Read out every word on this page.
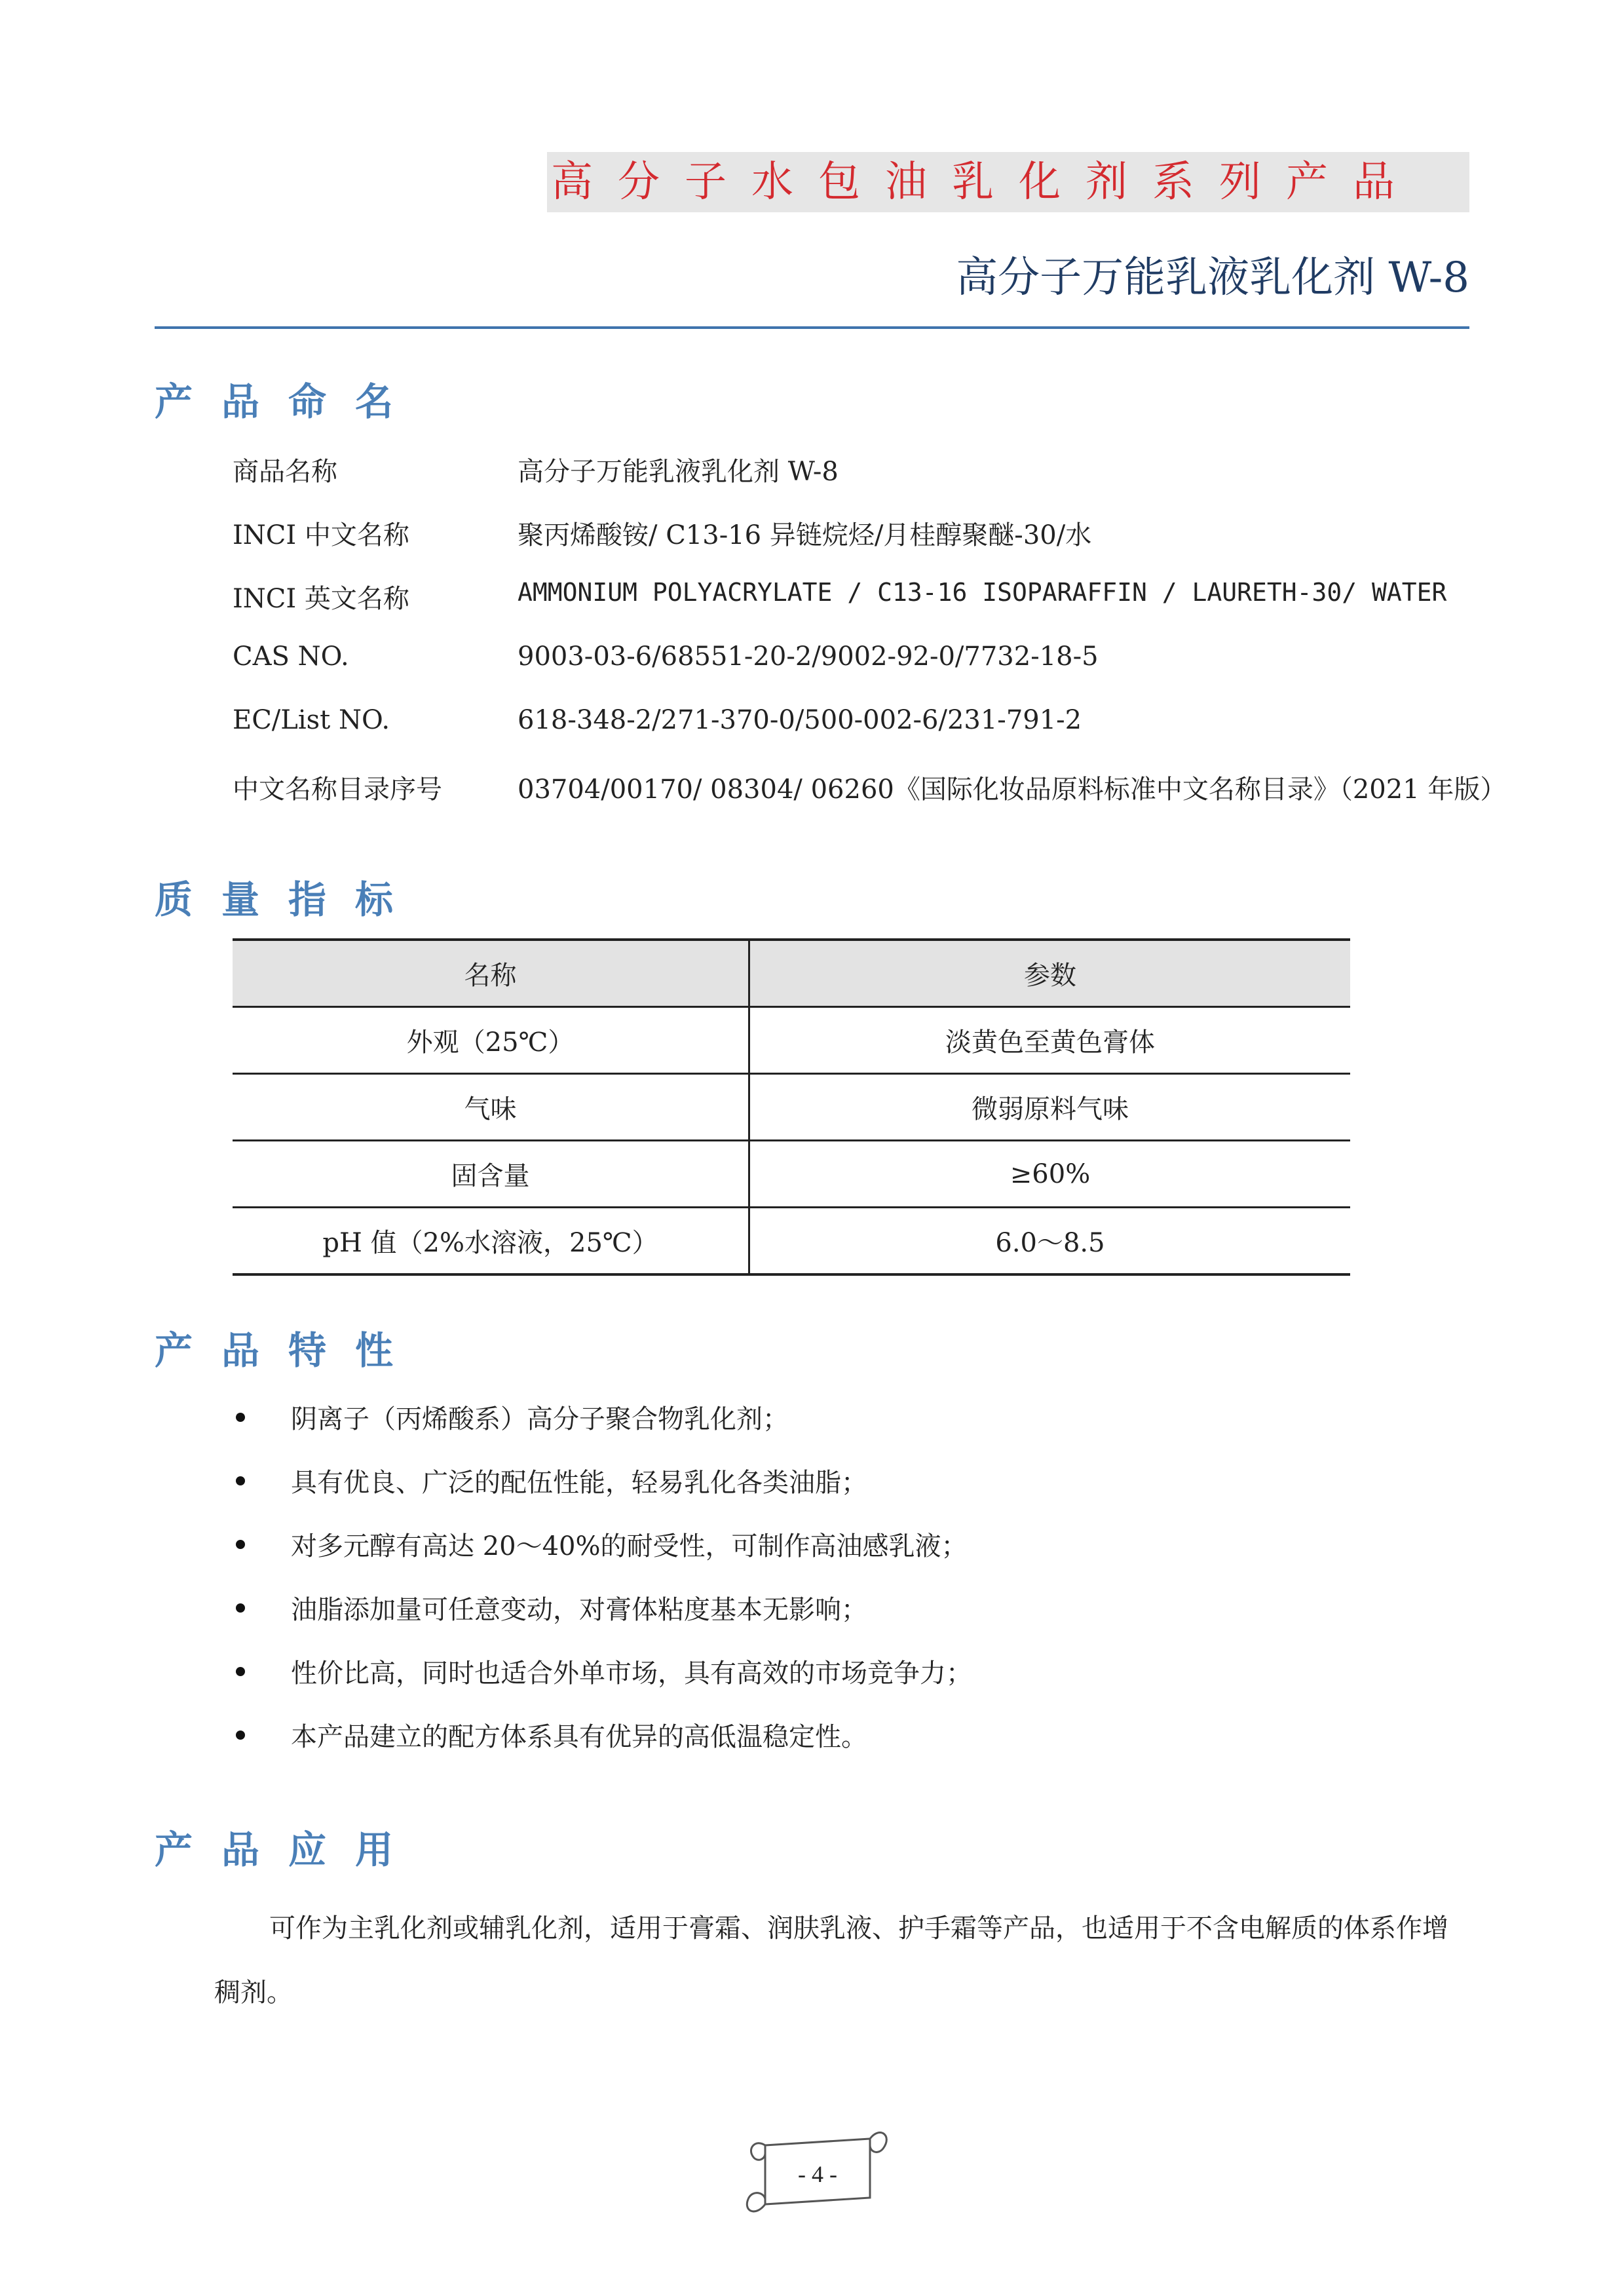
高分子水包油乳化剂系列产品
高分子万能乳液乳化剂 W-8
产品命名
商品名称	高分子万能乳液乳化剂 W-8
INCI 中文名称	聚丙烯酸铵/ C13-16 异链烷烃/月桂醇聚醚-30/水
INCI 英文名称	AMMONIUM POLYACRYLATE / C13-16 ISOPARAFFIN / LAURETH-30/ WATER
CAS NO.	9003-03-6/68551-20-2/9002-92-0/7732-18-5
EC/List NO.	618-348-2/271-370-0/500-002-6/231-791-2
中文名称目录序号	03704/00170/ 08304/ 06260《国际化妆品原料标准中文名称目录》（2021 年版）
质量指标
名称	参数
外观（25℃）	淡黄色至黄色膏体
气味	微弱原料气味
固含量	≥60%
pH 值（2%水溶液，25℃）	6.0～8.5
产品特性
阴离子（丙烯酸系）高分子聚合物乳化剂；
具有优良、广泛的配伍性能，轻易乳化各类油脂；
对多元醇有高达 20～40%的耐受性，可制作高油感乳液；
油脂添加量可任意变动，对膏体粘度基本无影响；
性价比高，同时也适合外单市场，具有高效的市场竞争力；
本产品建立的配方体系具有优异的高低温稳定性。
产品应用
可作为主乳化剂或辅乳化剂，适用于膏霜、润肤乳液、护手霜等产品，也适用于不含电解质的体系作增稠剂。
- 4 -
